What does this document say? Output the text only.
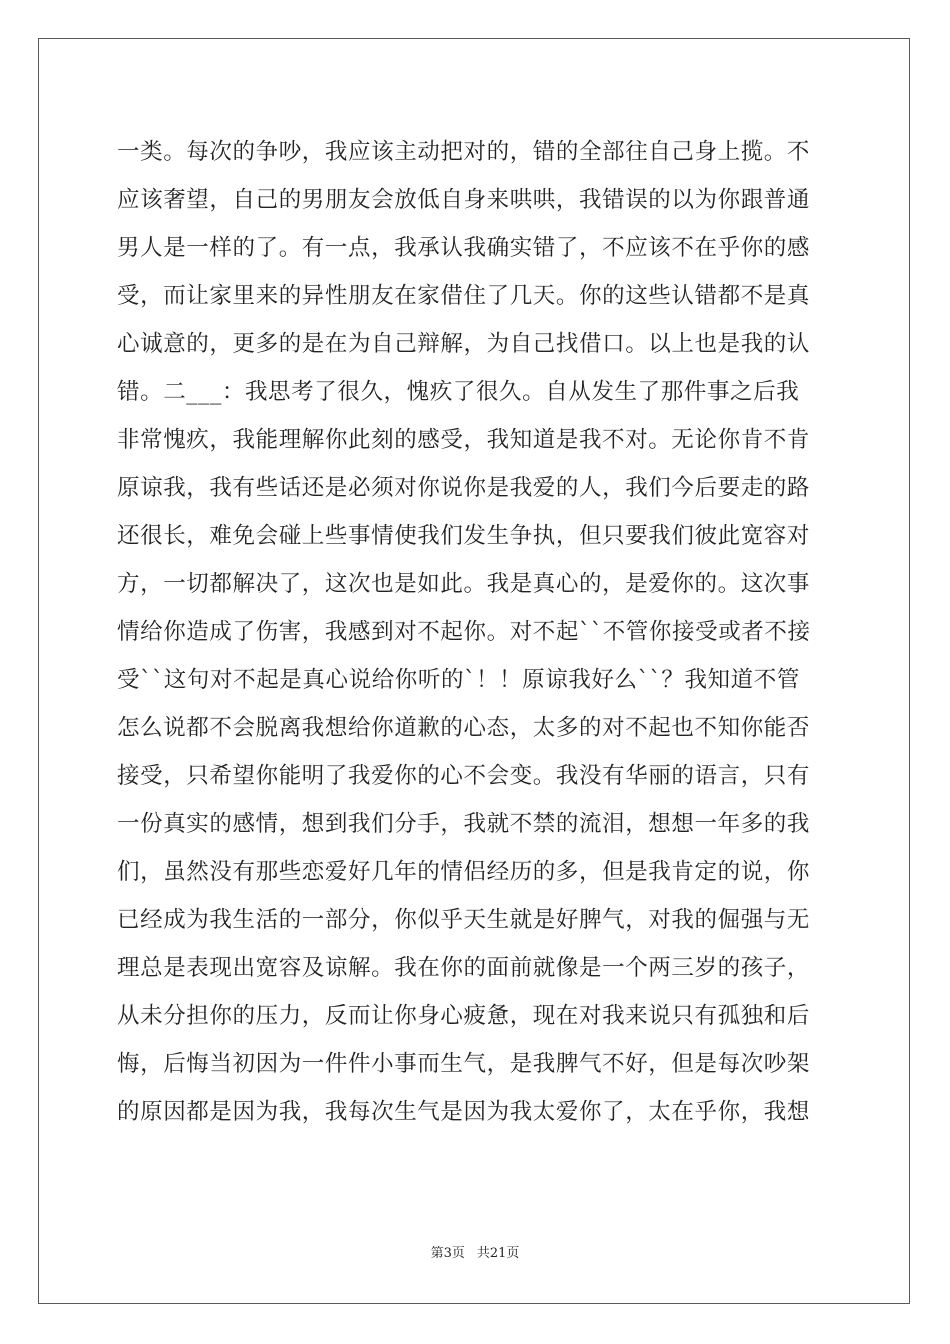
一类。每次的争吵，我应该主动把对的，错的全部往自己身上揽。不
应该奢望，自己的男朋友会放低自身来哄哄，我错误的以为你跟普通
男人是一样的了。有一点，我承认我确实错了，不应该不在乎你的感
受，而让家里来的异性朋友在家借住了几天。你的这些认错都不是真
心诚意的，更多的是在为自己辩解，为自己找借口。以上也是我的认
错。二___：我思考了很久，愧疚了很久。自从发生了那件事之后我
非常愧疚，我能理解你此刻的感受，我知道是我不对。无论你肯不肯
原谅我，我有些话还是必须对你说你是我爱的人，我们今后要走的路
还很长，难免会碰上些事情使我们发生争执，但只要我们彼此宽容对
方，一切都解决了，这次也是如此。我是真心的，是爱你的。这次事
情给你造成了伤害，我感到对不起你。对不起``不管你接受或者不接
受``这句对不起是真心说给你听的`！！原谅我好么``？我知道不管
怎么说都不会脱离我想给你道歉的心态，太多的对不起也不知你能否
接受，只希望你能明了我爱你的心不会变。我没有华丽的语言，只有
一份真实的感情，想到我们分手，我就不禁的流泪，想想一年多的我
们，虽然没有那些恋爱好几年的情侣经历的多，但是我肯定的说，你
已经成为我生活的一部分，你似乎天生就是好脾气，对我的倔强与无
理总是表现出宽容及谅解。我在你的面前就像是一个两三岁的孩子，
从未分担你的压力，反而让你身心疲惫，现在对我来说只有孤独和后
悔，后悔当初因为一件件小事而生气，是我脾气不好，但是每次吵架
的原因都是因为我，我每次生气是因为我太爱你了，太在乎你，我想
第3页 共21页
